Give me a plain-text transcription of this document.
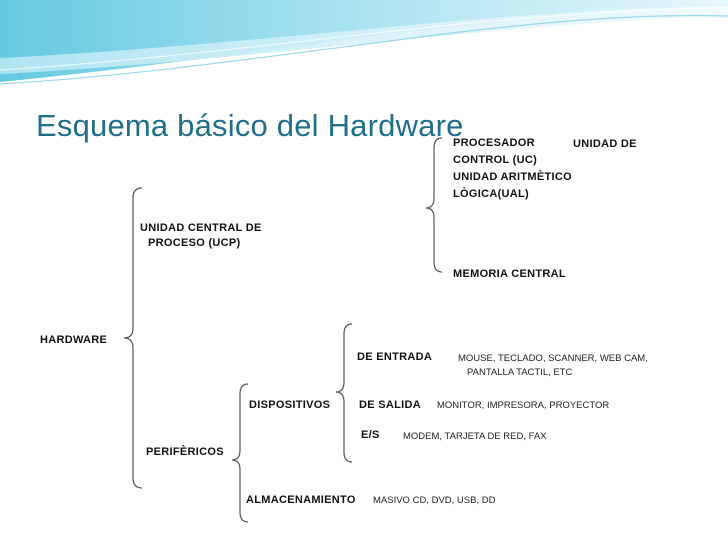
Esquema básico del Hardware
HARDWARE
UNIDAD CENTRAL DE
PROCESO (UCP)
PROCESADOR	UNIDAD DE
CONTROL (UC)
UNIDAD ARITMÈTICO
LÒGICA(UAL)
MEMORIA CENTRAL
DE ENTRADA	MOUSE, TECLADO, SCANNER, WEB CAM,
PANTALLA TACTIL, ETC
DISPOSITIVOS	DE SALIDA MONITOR, IMPRESORA, PROYECTOR
E/S MODEM, TARJETA DE RED, FAX
PERIFÈRICOS
ALMACENAMIENTO MASIVO CD, DVD, USB, DD
